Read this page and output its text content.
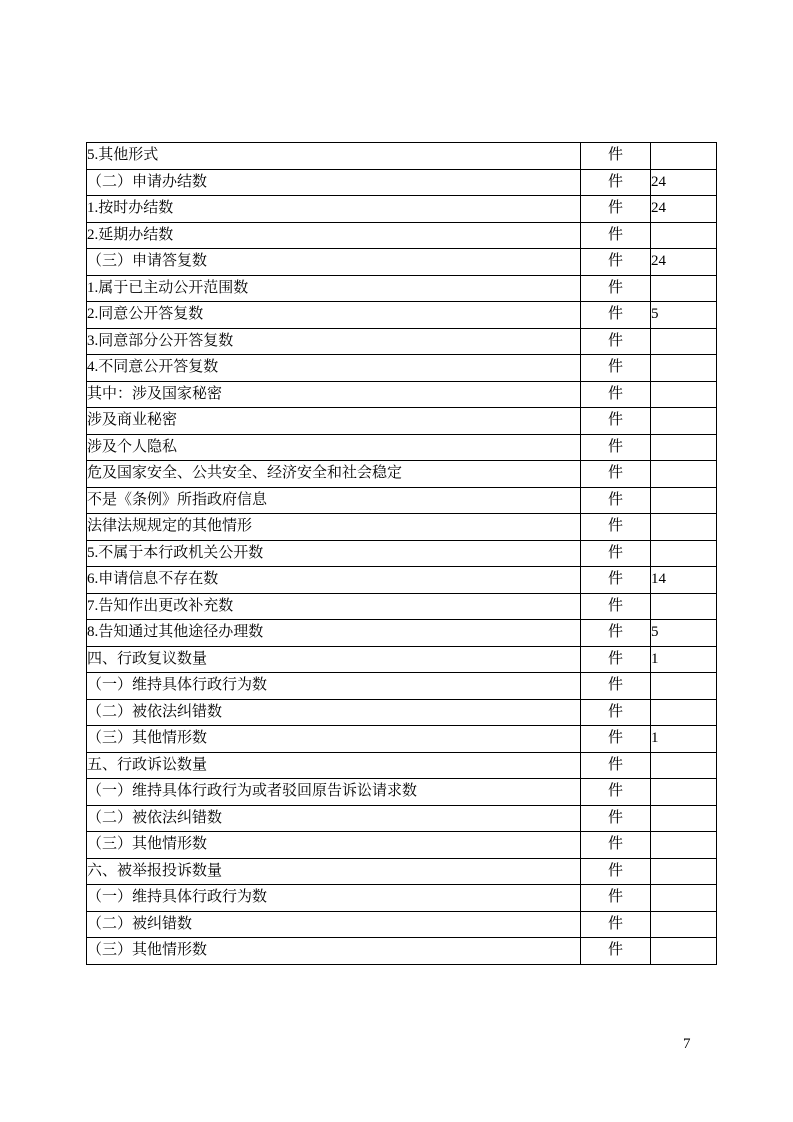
5.其他形式	件	
（二）申请办结数	件	24
1.按时办结数	件	24
2.延期办结数	件	
（三）申请答复数	件	24
1.属于已主动公开范围数	件	
2.同意公开答复数	件	5
3.同意部分公开答复数	件	
4.不同意公开答复数	件	
其中：涉及国家秘密	件	
涉及商业秘密	件	
涉及个人隐私	件	
危及国家安全、公共安全、经济安全和社会稳定	件	
不是《条例》所指政府信息	件	
法律法规规定的其他情形	件	
5.不属于本行政机关公开数	件	
6.申请信息不存在数	件	14
7.告知作出更改补充数	件	
8.告知通过其他途径办理数	件	5
四、行政复议数量	件	1
（一）维持具体行政行为数	件	
（二）被依法纠错数	件	
（三）其他情形数	件	1
五、行政诉讼数量	件	
（一）维持具体行政行为或者驳回原告诉讼请求数	件	
（二）被依法纠错数	件	
（三）其他情形数	件	
六、被举报投诉数量	件	
（一）维持具体行政行为数	件	
（二）被纠错数	件	
（三）其他情形数	件	
7
